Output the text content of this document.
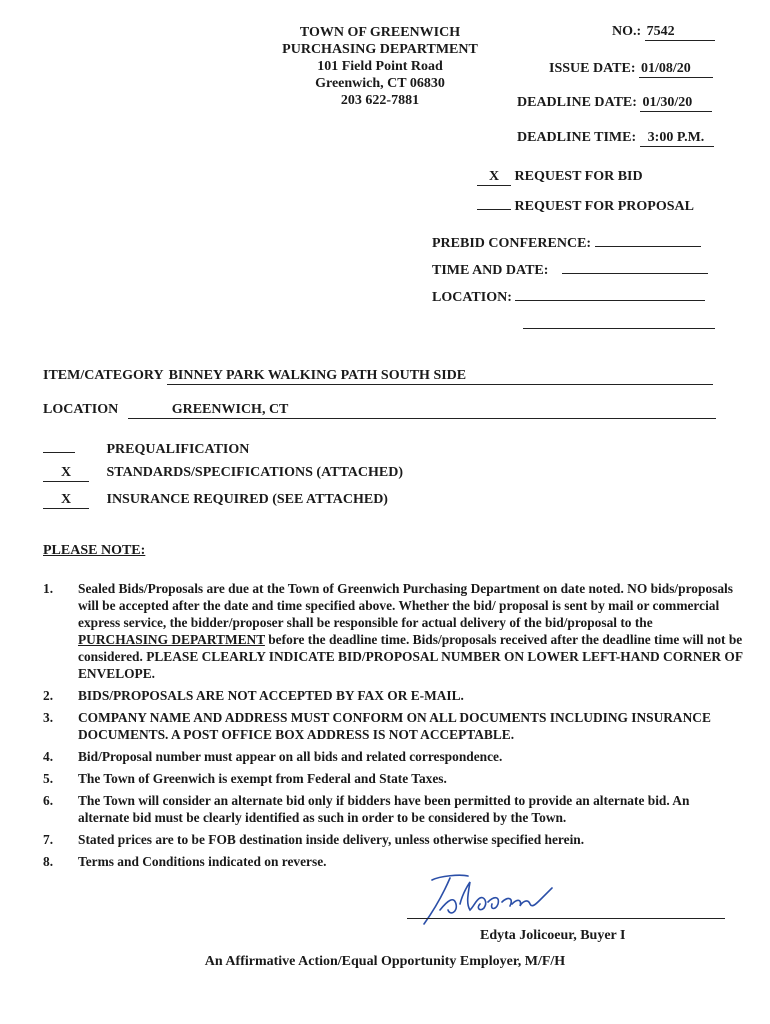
TOWN OF GREENWICH
PURCHASING DEPARTMENT
101 Field Point Road
Greenwich, CT 06830
203 622-7881
NO.: 7542
ISSUE DATE: 01/08/20
DEADLINE DATE: 01/30/20
DEADLINE TIME: 3:00 P.M.
X REQUEST FOR BID
REQUEST FOR PROPOSAL
PREBID CONFERENCE:
TIME AND DATE:
LOCATION:
ITEM/CATEGORY BINNEY PARK WALKING PATH SOUTH SIDE
LOCATION	GREENWICH, CT
PREQUALIFICATION
X	STANDARDS/SPECIFICATIONS (ATTACHED)
X	INSURANCE REQUIRED (SEE ATTACHED)
PLEASE NOTE:
1.	Sealed Bids/Proposals are due at the Town of Greenwich Purchasing Department on date noted. NO bids/proposals will be accepted after the date and time specified above. Whether the bid/ proposal is sent by mail or commercial express service, the bidder/proposer shall be responsible for actual delivery of the bid/proposal to the PURCHASING DEPARTMENT before the deadline time. Bids/proposals received after the deadline time will not be considered. PLEASE CLEARLY INDICATE BID/PROPOSAL NUMBER ON LOWER LEFT-HAND CORNER OF ENVELOPE.
2.	BIDS/PROPOSALS ARE NOT ACCEPTED BY FAX OR E-MAIL.
3.	COMPANY NAME AND ADDRESS MUST CONFORM ON ALL DOCUMENTS INCLUDING INSURANCE DOCUMENTS. A POST OFFICE BOX ADDRESS IS NOT ACCEPTABLE.
4.	Bid/Proposal number must appear on all bids and related correspondence.
5.	The Town of Greenwich is exempt from Federal and State Taxes.
6.	The Town will consider an alternate bid only if bidders have been permitted to provide an alternate bid. An alternate bid must be clearly identified as such in order to be considered by the Town.
7.	Stated prices are to be FOB destination inside delivery, unless otherwise specified herein.
8.	Terms and Conditions indicated on reverse.
Edyta Jolicoeur, Buyer I
An Affirmative Action/Equal Opportunity Employer, M/F/H
